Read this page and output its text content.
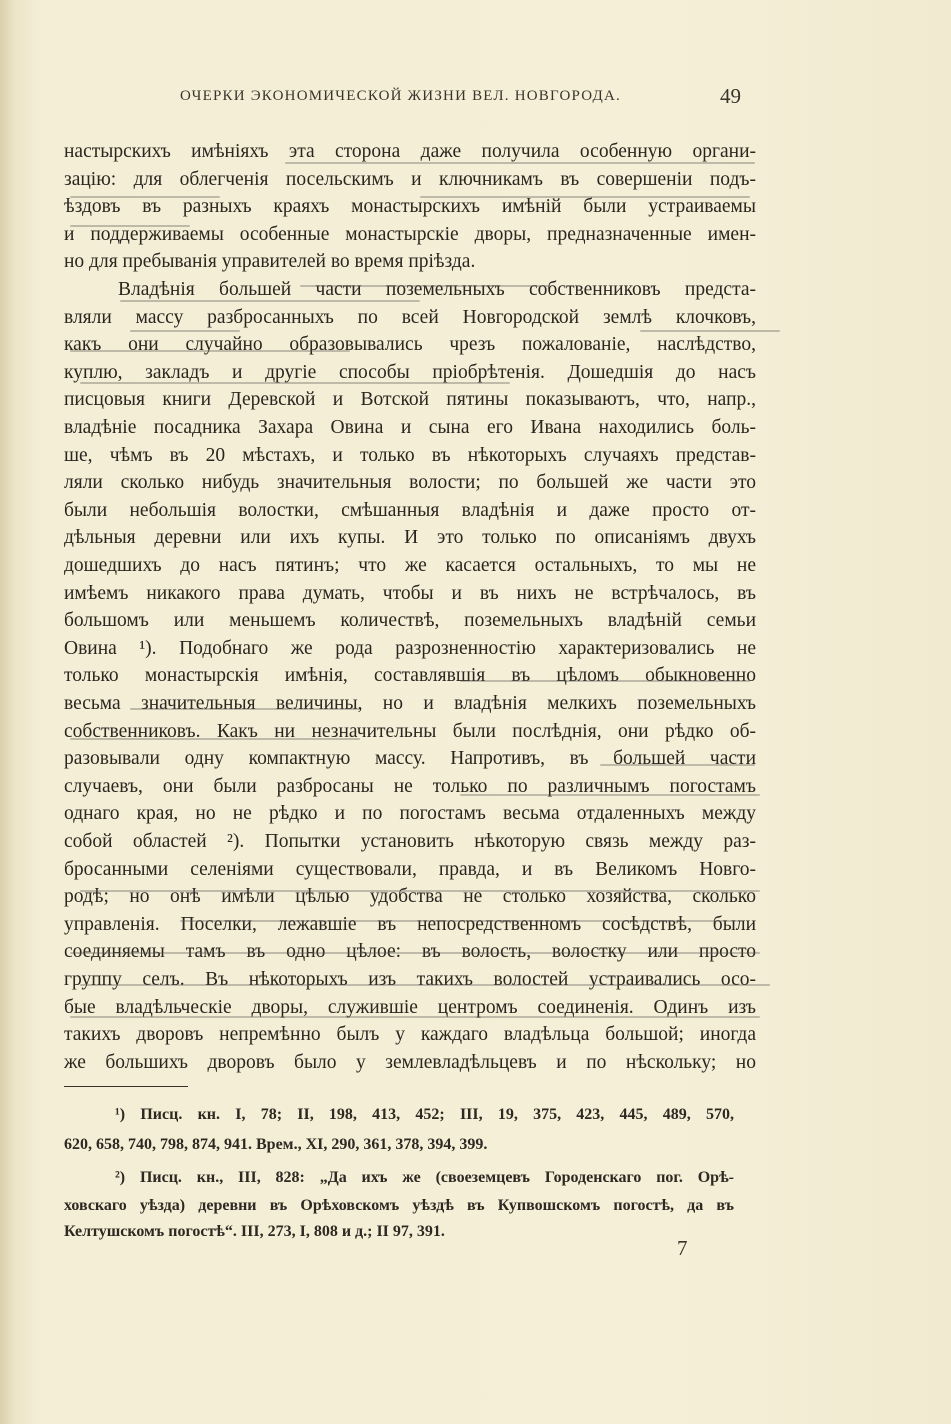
ОЧЕРКИ ЭКОНОМИЧЕСКОЙ ЖИЗНИ ВЕЛ. НОВГОРОДА.	49
настырскихъ имѣніяхъ эта сторона даже получила особенную органи-
зацію: для облегченія посельскимъ и ключникамъ въ совершеніи подъ-
ѣздовъ въ разныхъ краяхъ монастырскихъ имѣній были устраиваемы
и поддерживаемы особенные монастырскіе дворы, предназначенные имен-
но для пребыванія управителей во время пріѣзда.
Владѣнія большей части поземельныхъ собственниковъ предста-
вляли массу разбросанныхъ по всей Новгородской землѣ клочковъ,
какъ они случайно образовывались чрезъ пожалованіе, наслѣдство,
куплю, закладъ и другіе способы пріобрѣтенія. Дошедшія до насъ
писцовыя книги Деревской и Вотской пятины показываютъ, что, напр.,
владѣніе посадника Захара Овина и сына его Ивана находились боль-
ше, чѣмъ въ 20 мѣстахъ, и только въ нѣкоторыхъ случаяхъ представ-
ляли сколько нибудь значительныя волости; по большей же части это
были небольшія волостки, смѣшанныя владѣнія и даже просто от-
дѣльныя деревни или ихъ купы. И это только по описаніямъ двухъ
дошедшихъ до насъ пятинъ; что же касается остальныхъ, то мы не
имѣемъ никакого права думать, чтобы и въ нихъ не встрѣчалось, въ
большомъ или меньшемъ количествѣ, поземельныхъ владѣній семьи
Овина ¹). Подобнаго же рода разрозненностію характеризовались не
только монастырскія имѣнія, составлявшія въ цѣломъ обыкновенно
весьма значительныя величины, но и владѣнія мелкихъ поземельныхъ
собственниковъ. Какъ ни незначительны были послѣднія, они рѣдко об-
разовывали одну компактную массу. Напротивъ, въ большей части
случаевъ, они были разбросаны не только по различнымъ погостамъ
однаго края, но не рѣдко и по погостамъ весьма отдаленныхъ между
собой областей ²). Попытки установить нѣкоторую связь между раз-
бросанными селеніями существовали, правда, и въ Великомъ Новго-
родѣ; но онѣ имѣли цѣлью удобства не столько хозяйства, сколько
управленія. Поселки, лежавшіе въ непосредственномъ сосѣдствѣ, были
соединяемы тамъ въ одно цѣлое: въ волость, волостку или просто
группу селъ. Въ нѣкоторыхъ изъ такихъ волостей устраивались осо-
бые владѣльческіе дворы, служившіе центромъ соединенія. Одинъ изъ
такихъ дворовъ непремѣнно былъ у каждаго владѣльца большой; иногда
же большихъ дворовъ было у землевладѣльцевъ и по нѣскольку; но
¹) Писц. кн. I, 78; II, 198, 413, 452; III, 19, 375, 423, 445, 489, 570,
620, 658, 740, 798, 874, 941. Врем., XI, 290, 361, 378, 394, 399.
²) Писц. кн., III, 828: „Да ихъ же (своеземцевъ Городенскаго пог. Орѣ-
ховскаго уѣзда) деревни въ Орѣховскомъ уѣздѣ въ Купвошскомъ погостѣ, да въ
Келтушскомъ погостѣ“. III, 273, I, 808 и д.; II 97, 391.
7
